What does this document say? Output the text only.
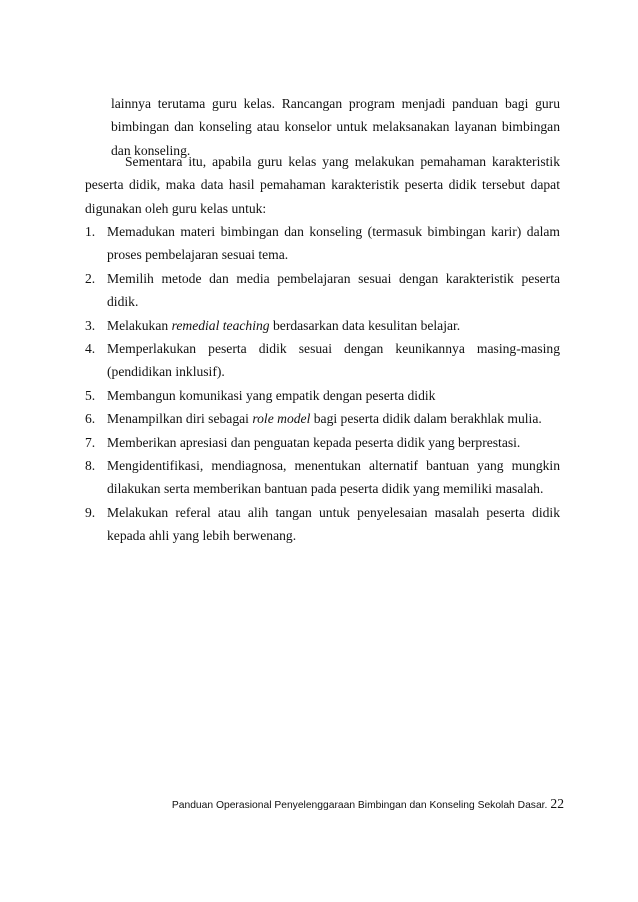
lainnya terutama guru kelas. Rancangan program menjadi panduan bagi guru bimbingan dan konseling atau konselor untuk melaksanakan layanan bimbingan dan konseling.

Sementara itu, apabila guru kelas yang melakukan pemahaman karakteristik peserta didik, maka data hasil pemahaman karakteristik peserta didik tersebut dapat digunakan oleh guru kelas untuk:

1. Memadukan materi bimbingan dan konseling (termasuk bimbingan karir) dalam proses pembelajaran sesuai tema.
2. Memilih metode dan media pembelajaran sesuai dengan karakteristik peserta didik.
3. Melakukan remedial teaching berdasarkan data kesulitan belajar.
4. Memperlakukan peserta didik sesuai dengan keunikannya masing-masing (pendidikan inklusif).
5. Membangun komunikasi yang empatik dengan peserta didik
6. Menampilkan diri sebagai role model bagi peserta didik dalam berakhlak mulia.
7. Memberikan apresiasi dan penguatan kepada peserta didik yang berprestasi.
8. Mengidentifikasi, mendiagnosa, menentukan alternatif bantuan yang mungkin dilakukan serta memberikan bantuan pada peserta didik yang memiliki masalah.
9. Melakukan referal atau alih tangan untuk penyelesaian masalah peserta didik kepada ahli yang lebih berwenang.
Panduan Operasional Penyelenggaraan Bimbingan dan Konseling Sekolah Dasar. 22
